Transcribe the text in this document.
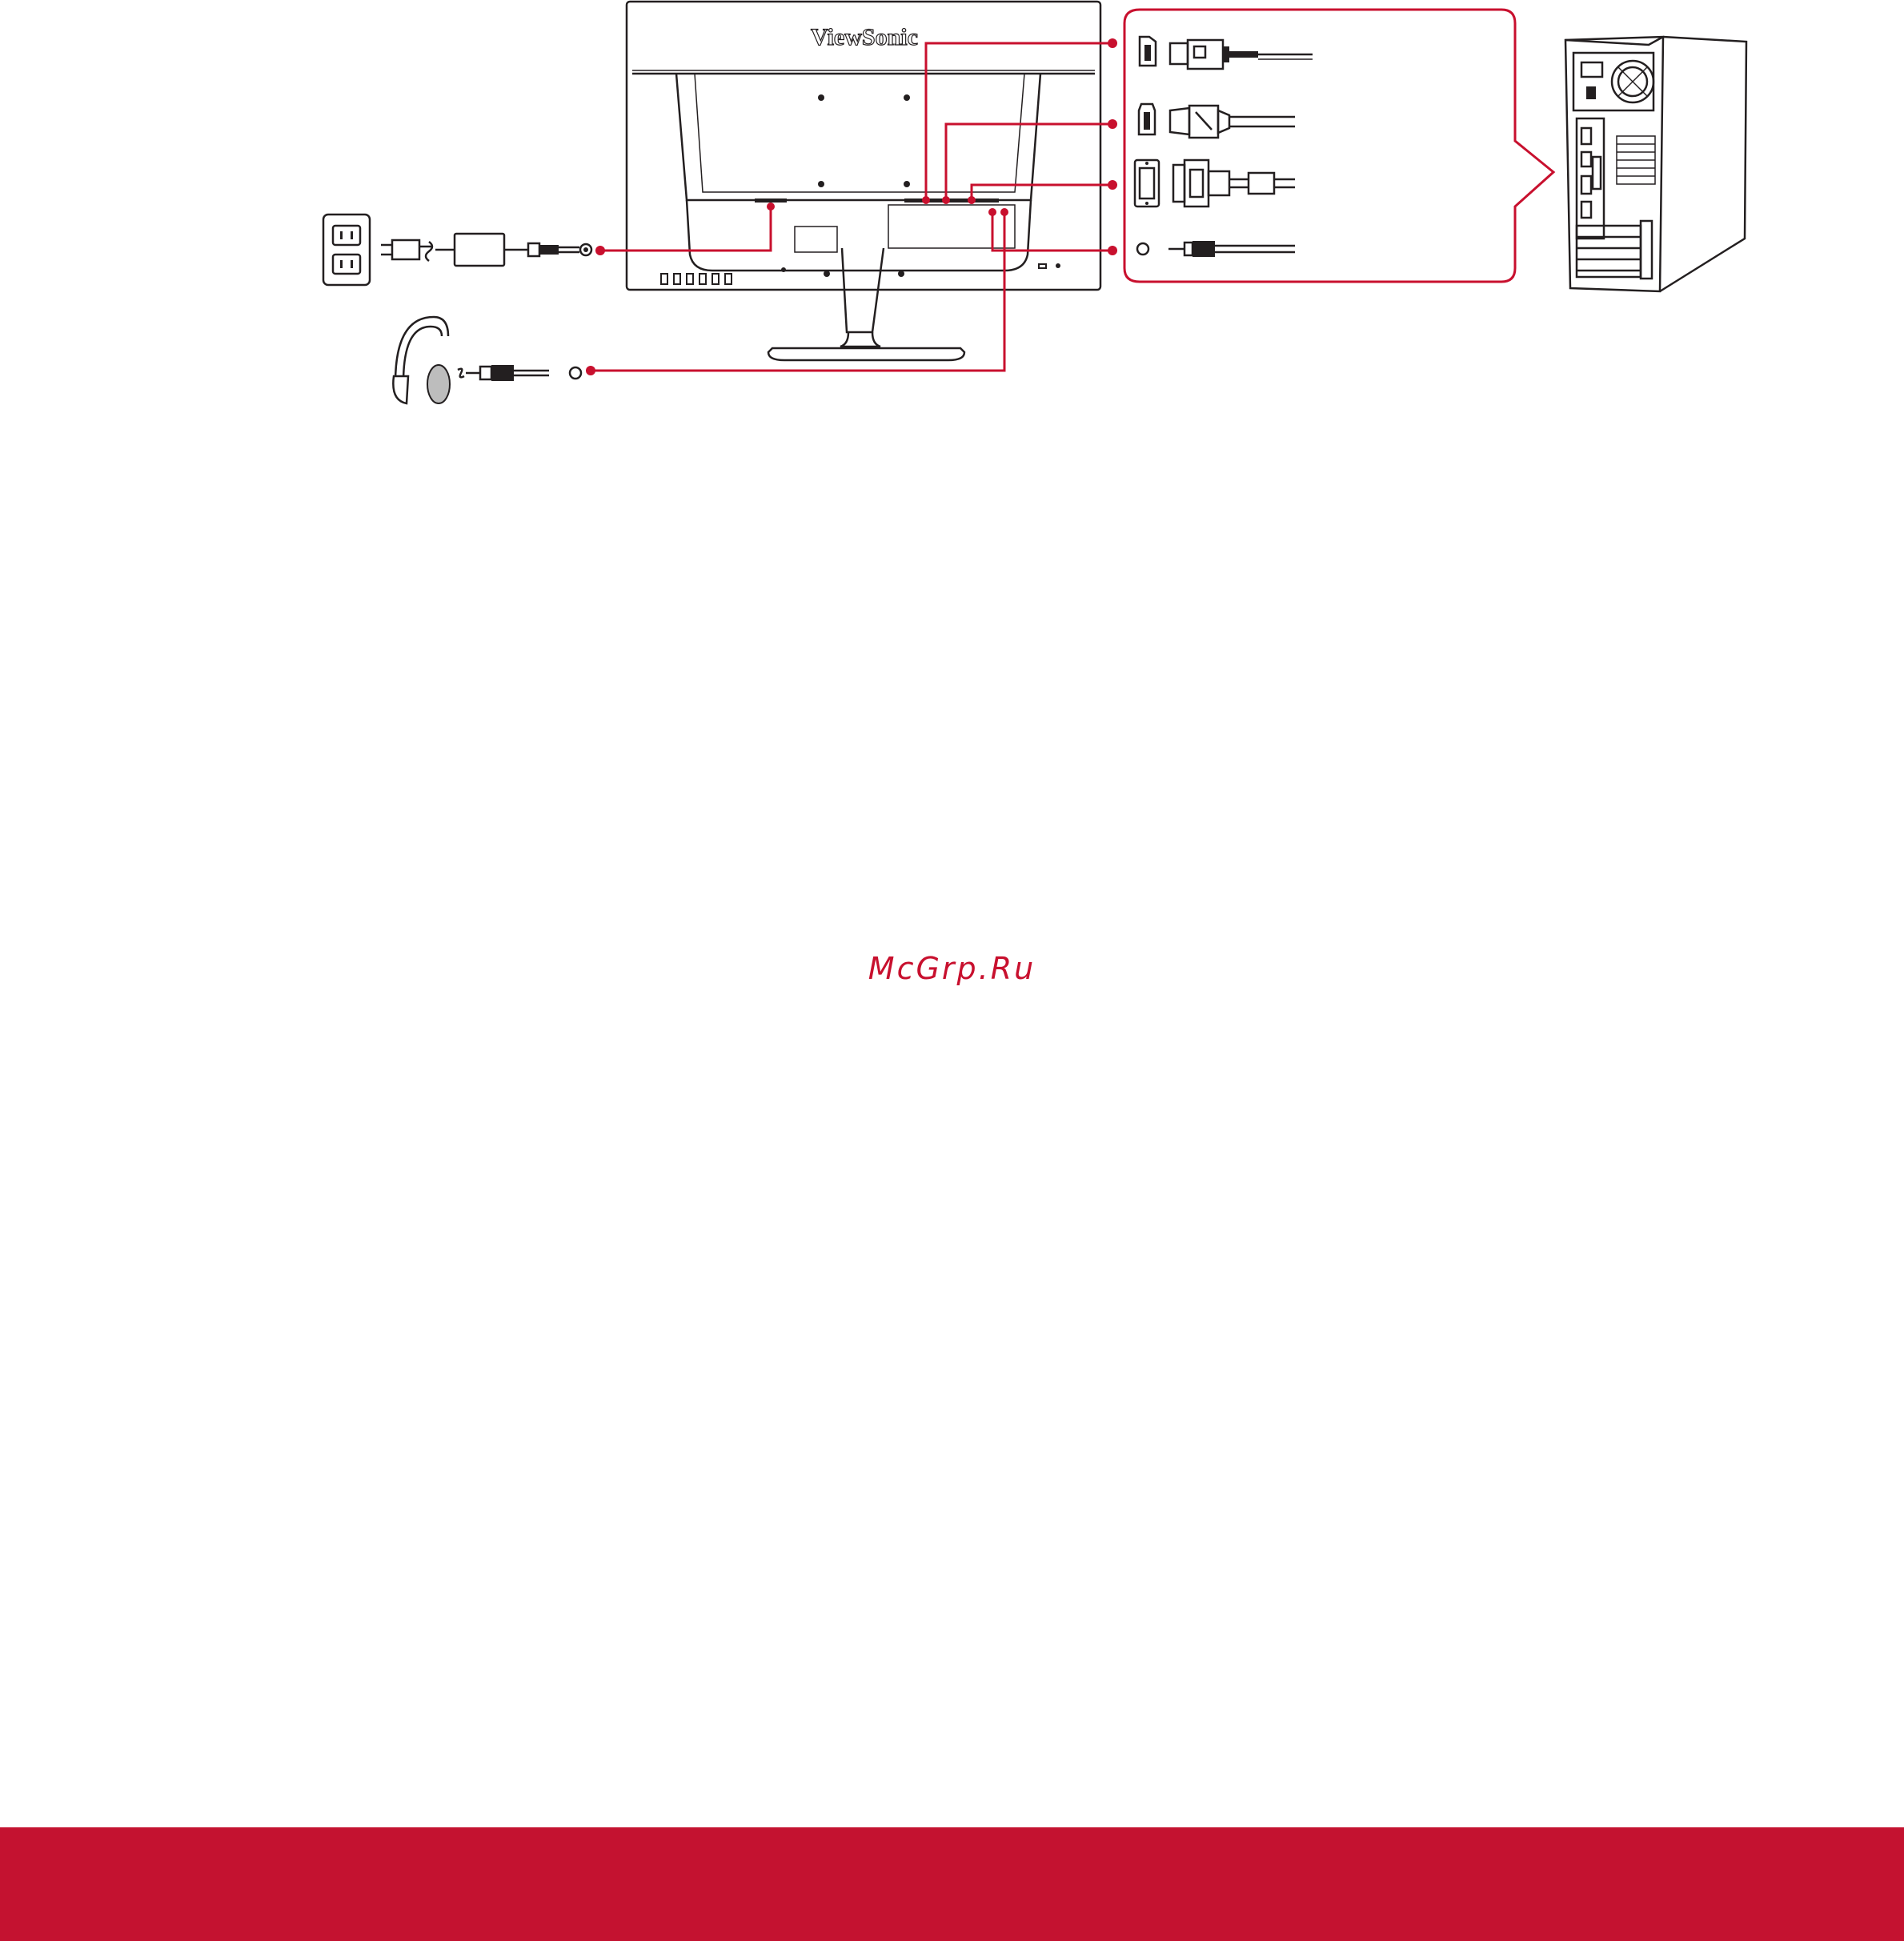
ViewSonic
McGrp.Ru
